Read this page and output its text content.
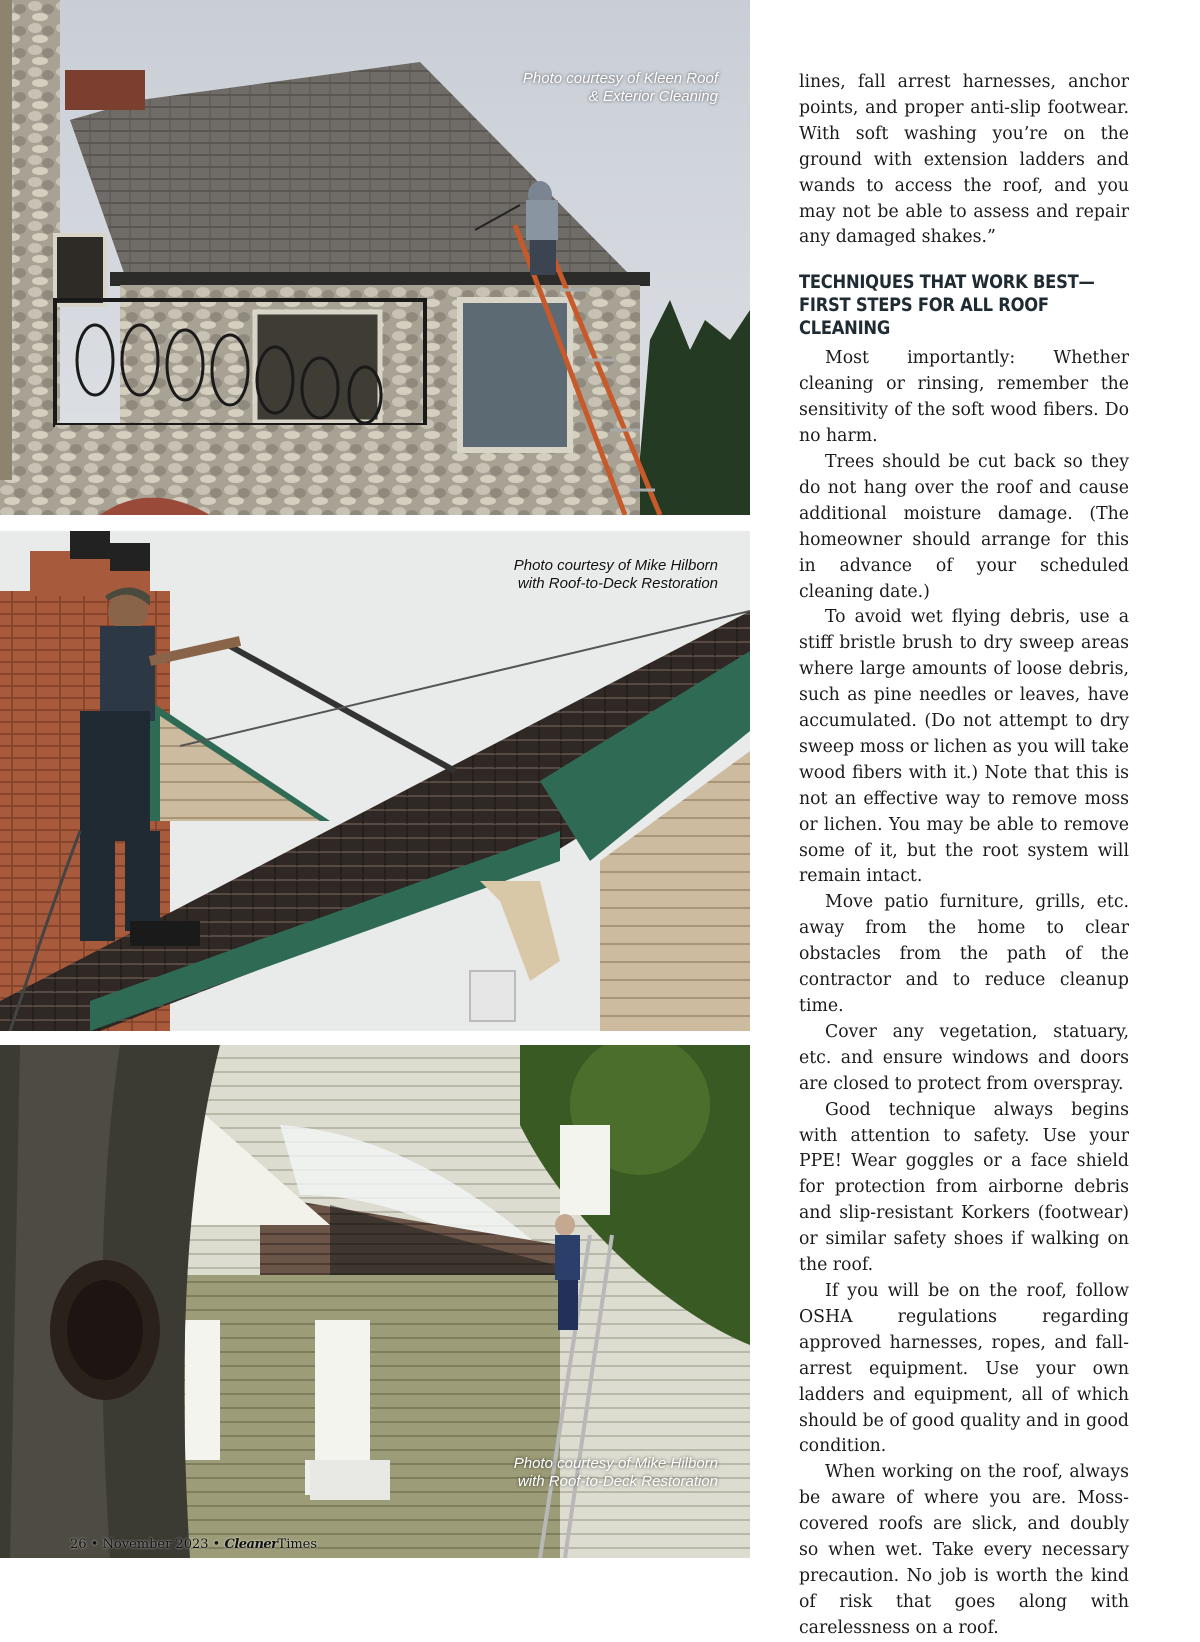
Photo courtesy of Kleen Roof
& Exterior Cleaning
Photo courtesy of Mike Hilborn
with Roof-to-Deck Restoration
Photo courtesy of Mike Hilborn
with Roof-to-Deck Restoration

lines, fall arrest harnesses, anchor points, and proper anti-slip footwear. With soft washing you’re on the ground with extension ladders and wands to access the roof, and you may not be able to assess and repair any damaged shakes.”

TECHNIQUES THAT WORK BEST—
FIRST STEPS FOR ALL ROOF CLEANING

Most importantly: Whether cleaning or rinsing, remember the sensitivity of the soft wood fibers. Do no harm.

Trees should be cut back so they do not hang over the roof and cause additional moisture damage. (The homeowner should arrange for this in advance of your scheduled cleaning date.)

To avoid wet flying debris, use a stiff bristle brush to dry sweep areas where large amounts of loose debris, such as pine needles or leaves, have accumulated. (Do not attempt to dry sweep moss or lichen as you will take wood fibers with it.) Note that this is not an effective way to remove moss or lichen. You may be able to remove some of it, but the root system will remain intact.

Move patio furniture, grills, etc. away from the home to clear obstacles from the path of the contractor and to reduce cleanup time.

Cover any vegetation, statuary, etc. and ensure windows and doors are closed to protect from overspray.

Good technique always begins with attention to safety. Use your PPE! Wear goggles or a face shield for protection from airborne debris and slip-resistant Korkers (footwear) or similar safety shoes if walking on the roof.

If you will be on the roof, follow OSHA regulations regarding approved harnesses, ropes, and fall-arrest equipment. Use your own ladders and equipment, all of which should be of good quality and in good condition.

When working on the roof, always be aware of where you are. Moss-covered roofs are slick, and doubly so when wet. Take every necessary precaution. No job is worth the kind of risk that goes along with carelessness on a roof.

26 • November 2023 • CleanerTimes
